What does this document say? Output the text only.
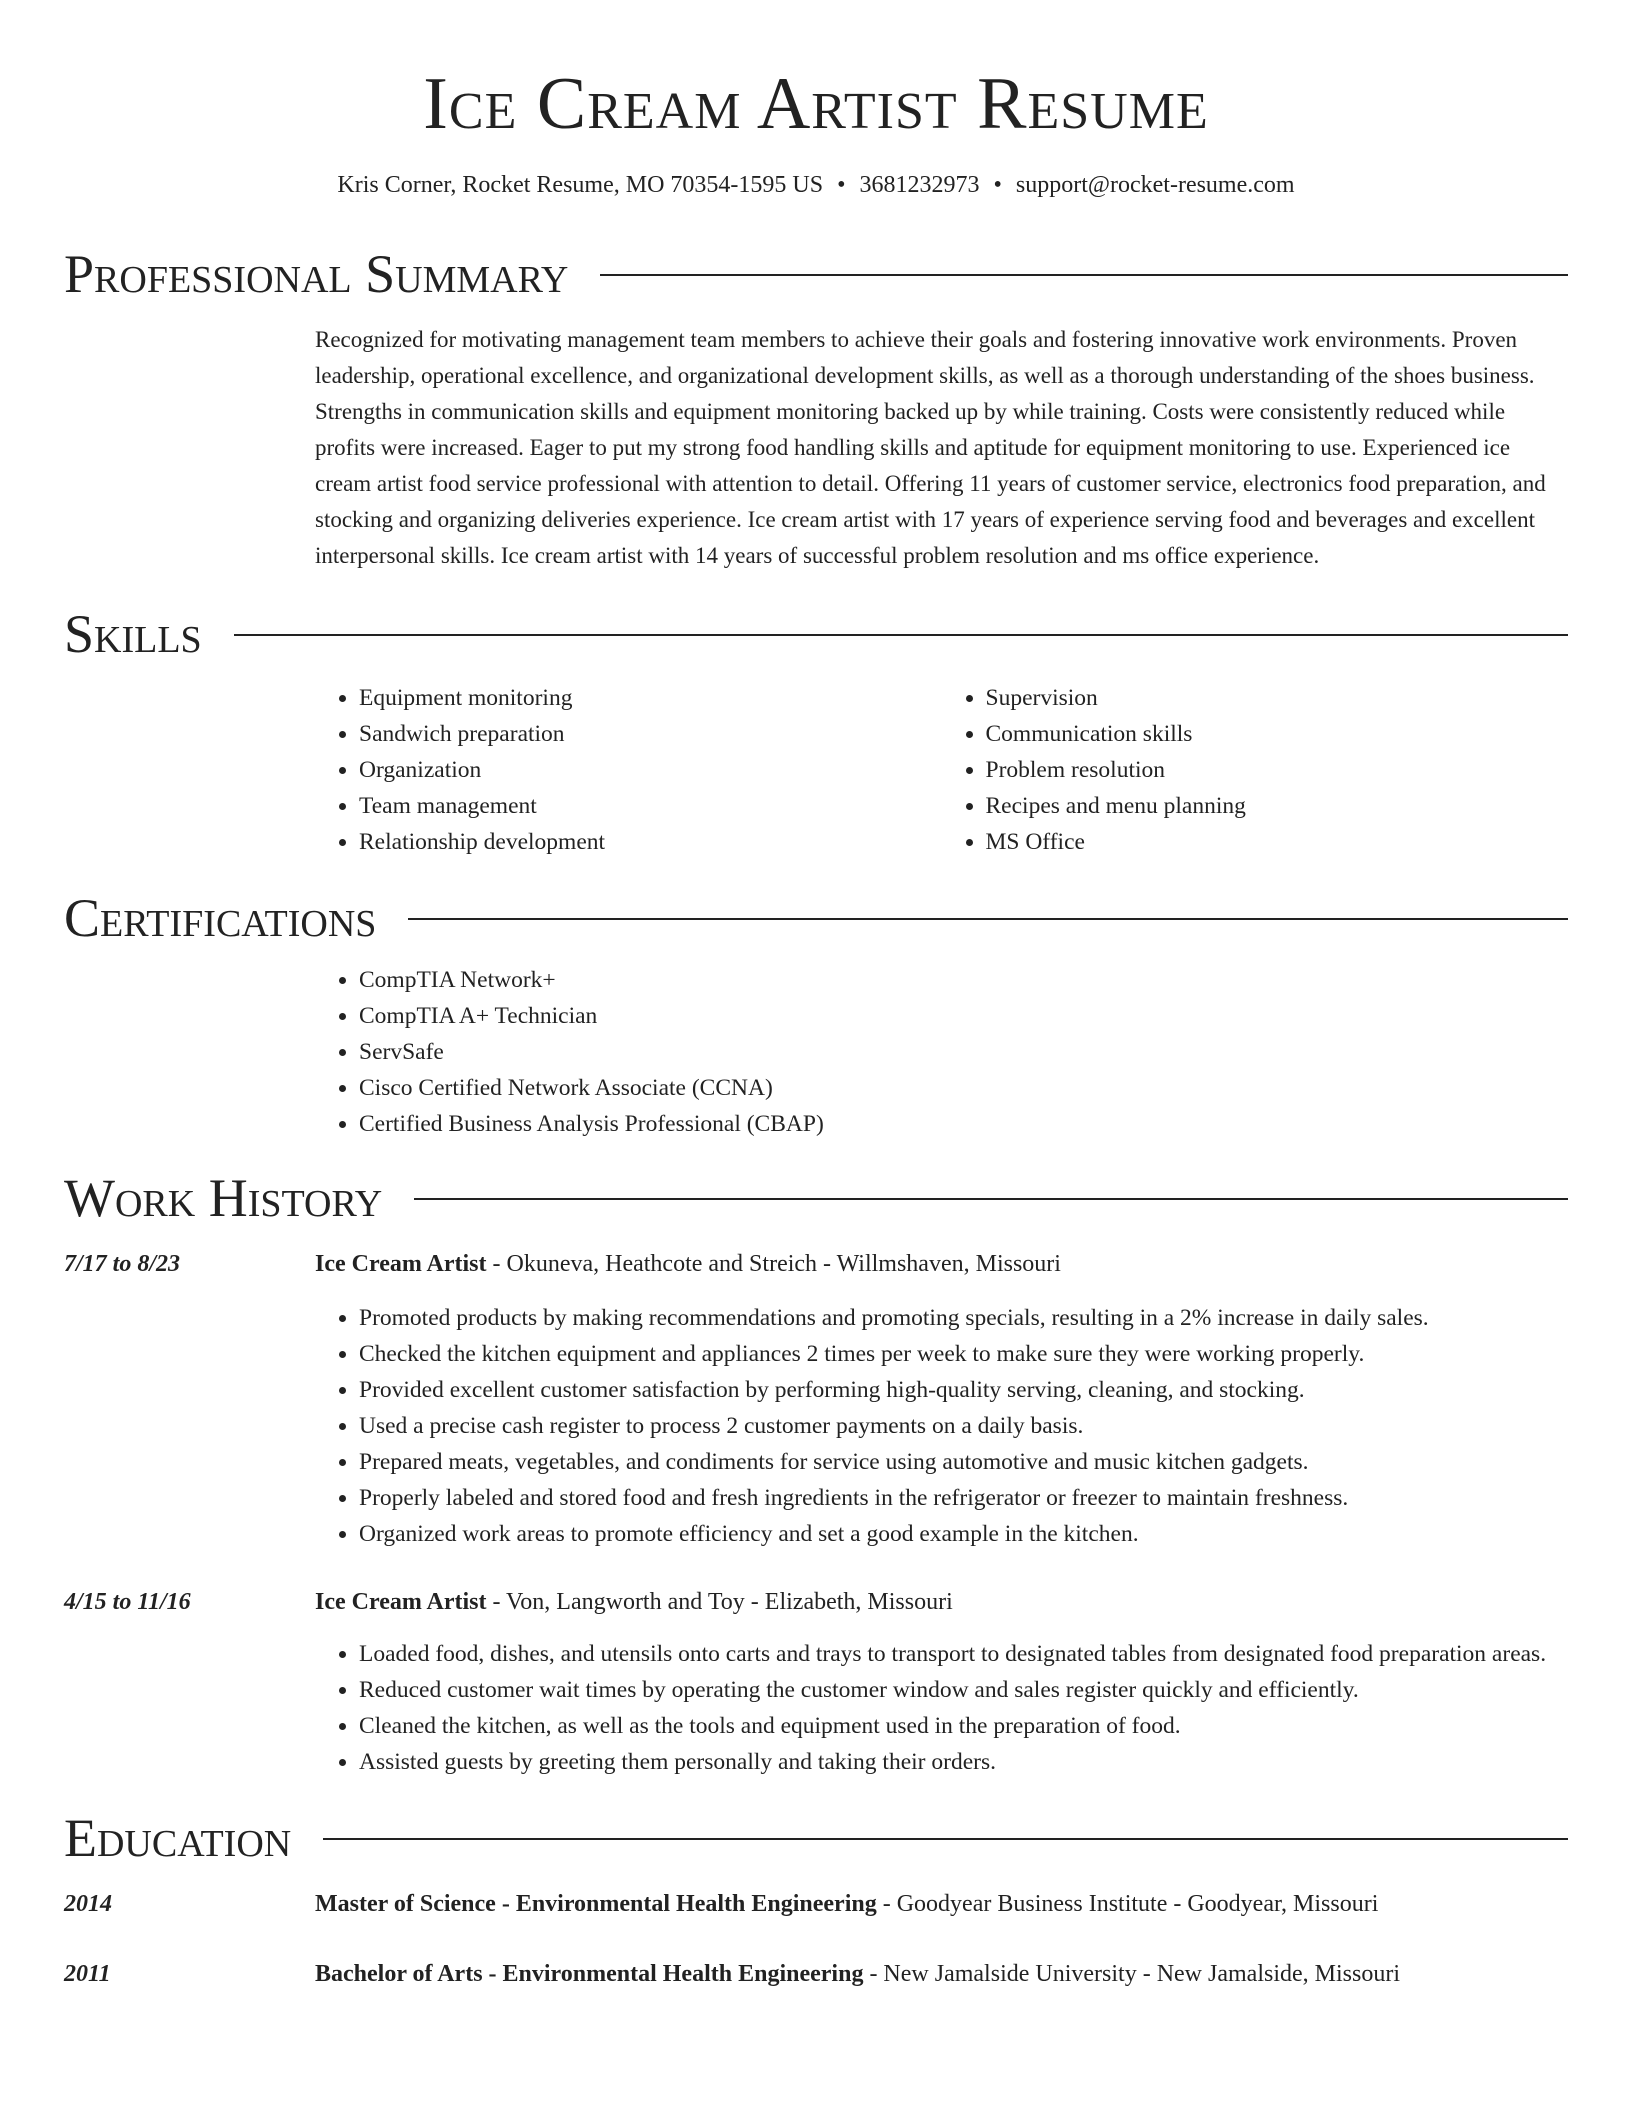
Ice Cream Artist Resume
Kris Corner, Rocket Resume, MO 70354-1595 US • 3681232973 • support@rocket-resume.com
Professional Summary

Recognized for motivating management team members to achieve their goals and fostering innovative work environments. Proven leadership, operational excellence, and organizational development skills, as well as a thorough understanding of the shoes business. Strengths in communication skills and equipment monitoring backed up by while training. Costs were consistently reduced while profits were increased. Eager to put my strong food handling skills and aptitude for equipment monitoring to use. Experienced ice cream artist food service professional with attention to detail. Offering 11 years of customer service, electronics food preparation, and stocking and organizing deliveries experience. Ice cream artist with 17 years of experience serving food and beverages and excellent interpersonal skills. Ice cream artist with 14 years of successful problem resolution and ms office experience.

Skills
• Equipment monitoring
• Sandwich preparation
• Organization
• Team management
• Relationship development
• Supervision
• Communication skills
• Problem resolution
• Recipes and menu planning
• MS Office
Certifications
• CompTIA Network+
• CompTIA A+ Technician
• ServSafe
• Cisco Certified Network Associate (CCNA)
• Certified Business Analysis Professional (CBAP)
Work History
7/17 to 8/23	Ice Cream Artist - Okuneva, Heathcote and Streich - Willmshaven, Missouri
• Promoted products by making recommendations and promoting specials, resulting in a 2% increase in daily sales.
• Checked the kitchen equipment and appliances 2 times per week to make sure they were working properly.
• Provided excellent customer satisfaction by performing high-quality serving, cleaning, and stocking.
• Used a precise cash register to process 2 customer payments on a daily basis.
• Prepared meats, vegetables, and condiments for service using automotive and music kitchen gadgets.
• Properly labeled and stored food and fresh ingredients in the refrigerator or freezer to maintain freshness.
• Organized work areas to promote efficiency and set a good example in the kitchen.
4/15 to 11/16	Ice Cream Artist - Von, Langworth and Toy - Elizabeth, Missouri
• Loaded food, dishes, and utensils onto carts and trays to transport to designated tables from designated food preparation areas.
• Reduced customer wait times by operating the customer window and sales register quickly and efficiently.
• Cleaned the kitchen, as well as the tools and equipment used in the preparation of food.
• Assisted guests by greeting them personally and taking their orders.
Education
2014	Master of Science - Environmental Health Engineering - Goodyear Business Institute - Goodyear, Missouri
2011	Bachelor of Arts - Environmental Health Engineering - New Jamalside University - New Jamalside, Missouri
